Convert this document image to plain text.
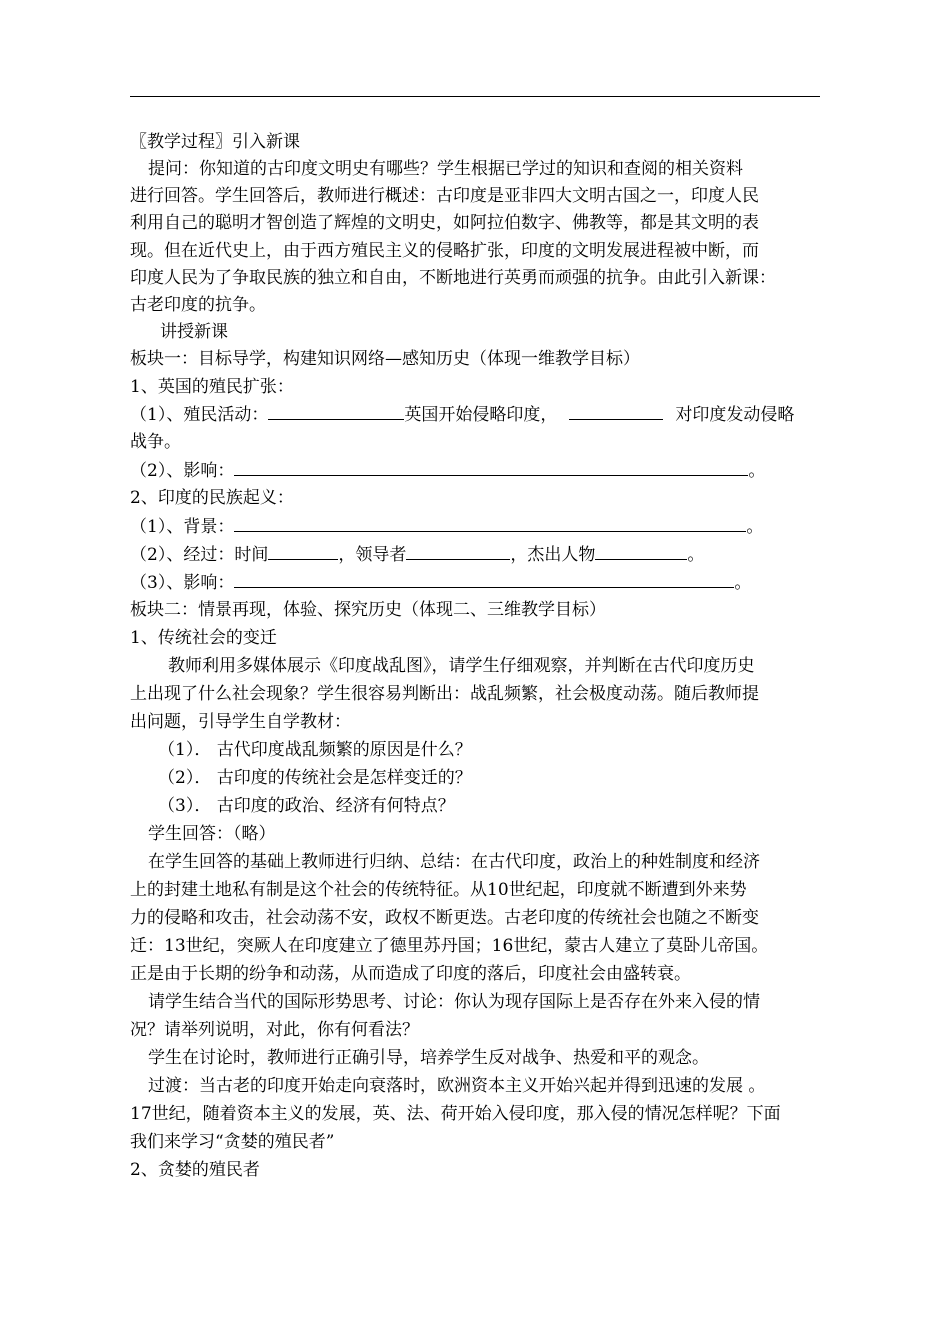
〖教学过程〗引入新课
提问：你知道的古印度文明史有哪些？学生根据已学过的知识和查阅的相关资料
进行回答。学生回答后，教师进行概述：古印度是亚非四大文明古国之一，印度人民
利用自己的聪明才智创造了辉煌的文明史，如阿拉伯数字、佛教等，都是其文明的表
现。但在近代史上，由于西方殖民主义的侵略扩张，印度的文明发展进程被中断，而
印度人民为了争取民族的独立和自由，不断地进行英勇而顽强的抗争。由此引入新课：
古老印度的抗争。
讲授新课
板块一：目标导学，构建知识网络—感知历史（体现一维教学目标）
1、英国的殖民扩张：
（1）、殖民活动：	英国开始侵略印度，	对印度发动侵略
战争。
（2）、影响：	。
2、印度的民族起义：
（1）、背景：	。
（2）、经过：时间	，领导者	，杰出人物	。
（3）、影响：	。
板块二：情景再现，体验、探究历史（体现二、三维教学目标）
1、传统社会的变迁
教师利用多媒体展示《印度战乱图》，请学生仔细观察，并判断在古代印度历史
上出现了什么社会现象？学生很容易判断出：战乱频繁，社会极度动荡。随后教师提
出问题，引导学生自学教材：
（1）． 古代印度战乱频繁的原因是什么？
（2）． 古印度的传统社会是怎样变迁的？
（3）． 古印度的政治、经济有何特点？
学生回答：（略）
在学生回答的基础上教师进行归纳、总结：在古代印度，政治上的种姓制度和经济
上的封建土地私有制是这个社会的传统特征。从10世纪起，印度就不断遭到外来势
力的侵略和攻击，社会动荡不安，政权不断更迭。古老印度的传统社会也随之不断变
迁：13世纪，突厥人在印度建立了德里苏丹国；16世纪，蒙古人建立了莫卧儿帝国。
正是由于长期的纷争和动荡，从而造成了印度的落后，印度社会由盛转衰。
请学生结合当代的国际形势思考、讨论：你认为现存国际上是否存在外来入侵的情
况？请举列说明，对此，你有何看法？
学生在讨论时，教师进行正确引导，培养学生反对战争、热爱和平的观念。
过渡：当古老的印度开始走向衰落时，欧洲资本主义开始兴起并得到迅速的发展 。
17世纪，随着资本主义的发展，英、法、荷开始入侵印度，那入侵的情况怎样呢？下面
我们来学习“贪婪的殖民者”
2、贪婪的殖民者
